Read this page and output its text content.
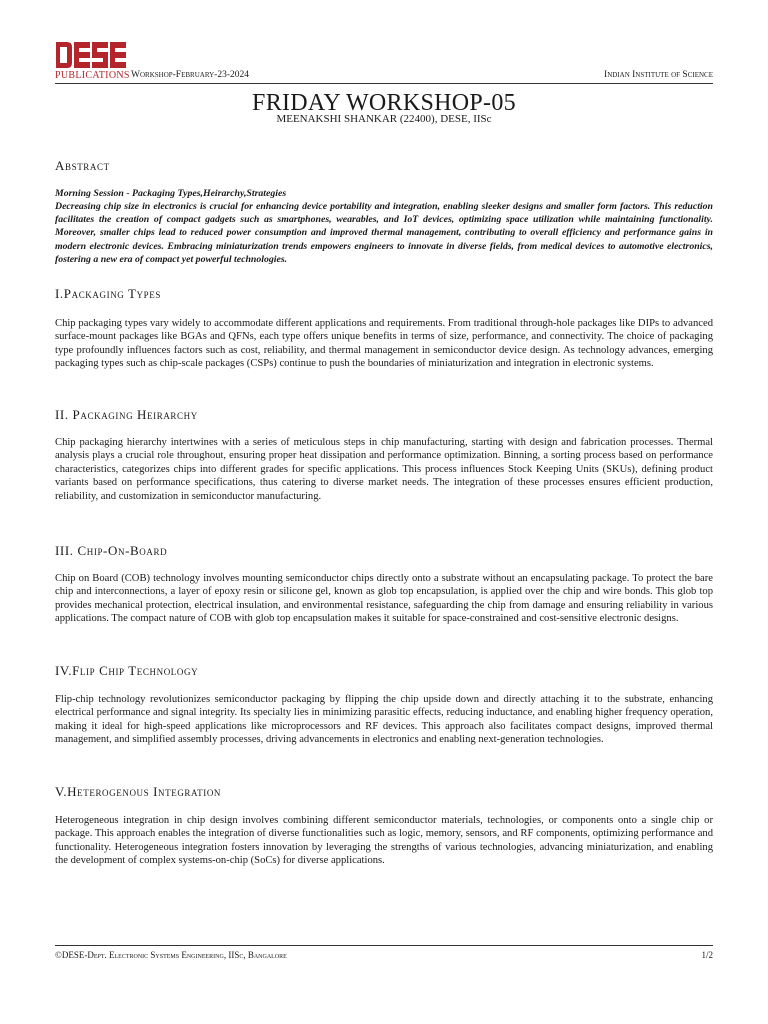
PUBLICATIONS Workshop-February-23-2024	Indian Institute of Science
FRIDAY WORKSHOP-05
MEENAKSHI SHANKAR (22400), DESE, IISc
Abstract
Morning Session - Packaging Types,Heirarchy,Strategies
Decreasing chip size in electronics is crucial for enhancing device portability and integration, enabling sleeker designs and smaller form factors. This reduction facilitates the creation of compact gadgets such as smartphones, wearables, and IoT devices, optimizing space utilization while maintaining functionality. Moreover, smaller chips lead to reduced power consumption and improved thermal management, contributing to overall efficiency and performance gains in modern electronic devices. Embracing miniaturization trends empowers engineers to innovate in diverse fields, from medical devices to automotive electronics, fostering a new era of compact yet powerful technologies.
I.Packaging Types
Chip packaging types vary widely to accommodate different applications and requirements. From traditional through-hole packages like DIPs to advanced surface-mount packages like BGAs and QFNs, each type offers unique benefits in terms of size, performance, and connectivity. The choice of packaging type profoundly influences factors such as cost, reliability, and thermal management in semiconductor device design. As technology advances, emerging packaging types such as chip-scale packages (CSPs) continue to push the boundaries of miniaturization and integration in electronic systems.
II. Packaging Heirarchy
Chip packaging hierarchy intertwines with a series of meticulous steps in chip manufacturing, starting with design and fabrication processes. Thermal analysis plays a crucial role throughout, ensuring proper heat dissipation and performance optimization. Binning, a sorting process based on performance characteristics, categorizes chips into different grades for specific applications. This process influences Stock Keeping Units (SKUs), defining product variants based on performance specifications, thus catering to diverse market needs. The integration of these processes ensures efficient production, reliability, and customization in semiconductor manufacturing.
III. Chip-On-Board
Chip on Board (COB) technology involves mounting semiconductor chips directly onto a substrate without an encapsulating package. To protect the bare chip and interconnections, a layer of epoxy resin or silicone gel, known as glob top encapsulation, is applied over the chip and wire bonds. This glob top provides mechanical protection, electrical insulation, and environmental resistance, safeguarding the chip from damage and ensuring reliability in various applications. The compact nature of COB with glob top encapsulation makes it suitable for space-constrained and cost-sensitive electronic designs.
IV.Flip Chip Technology
Flip-chip technology revolutionizes semiconductor packaging by flipping the chip upside down and directly attaching it to the substrate, enhancing electrical performance and signal integrity. Its specialty lies in minimizing parasitic effects, reducing inductance, and enabling higher frequency operation, making it ideal for high-speed applications like microprocessors and RF devices. This approach also facilitates compact designs, improved thermal management, and simplified assembly processes, driving advancements in electronics and enabling next-generation technologies.
V.Heterogenous Integration
Heterogeneous integration in chip design involves combining different semiconductor materials, technologies, or components onto a single chip or package. This approach enables the integration of diverse functionalities such as logic, memory, sensors, and RF components, optimizing performance and functionality. Heterogeneous integration fosters innovation by leveraging the strengths of various technologies, advancing miniaturization, and enabling the development of complex systems-on-chip (SoCs) for diverse applications.
©DESE-Dept. Electronic Systems Engineering, IISc, Bangalore	1/2
